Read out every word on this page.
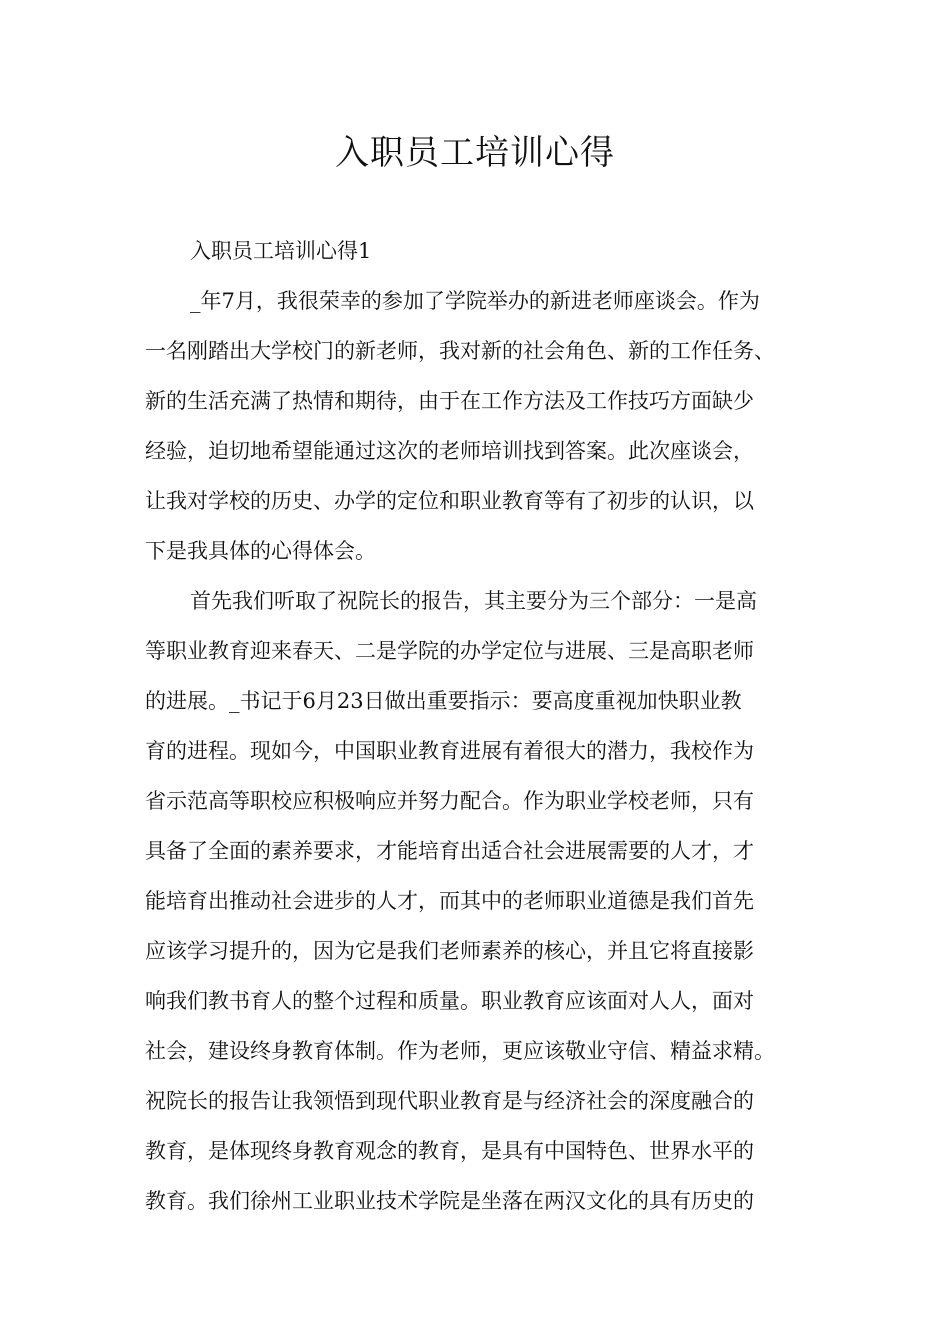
入职员工培训心得

入职员工培训心得1

_年7月，我很荣幸的参加了学院举办的新进老师座谈会。作为

一名刚踏出大学校门的新老师，我对新的社会角色、新的工作任务、

新的生活充满了热情和期待，由于在工作方法及工作技巧方面缺少

经验，迫切地希望能通过这次的老师培训找到答案。此次座谈会，

让我对学校的历史、办学的定位和职业教育等有了初步的认识，以

下是我具体的心得体会。

首先我们听取了祝院长的报告，其主要分为三个部分：一是高

等职业教育迎来春天、二是学院的办学定位与进展、三是高职老师

的进展。_书记于6月23日做出重要指示：要高度重视加快职业教

育的进程。现如今，中国职业教育进展有着很大的潜力，我校作为

省示范高等职校应积极响应并努力配合。作为职业学校老师，只有

具备了全面的素养要求，才能培育出适合社会进展需要的人才，才

能培育出推动社会进步的人才，而其中的老师职业道德是我们首先

应该学习提升的，因为它是我们老师素养的核心，并且它将直接影

响我们教书育人的整个过程和质量。职业教育应该面对人人，面对

社会，建设终身教育体制。作为老师，更应该敬业守信、精益求精。

祝院长的报告让我领悟到现代职业教育是与经济社会的深度融合的

教育，是体现终身教育观念的教育，是具有中国特色、世界水平的

教育。我们徐州工业职业技术学院是坐落在两汉文化的具有历史的
